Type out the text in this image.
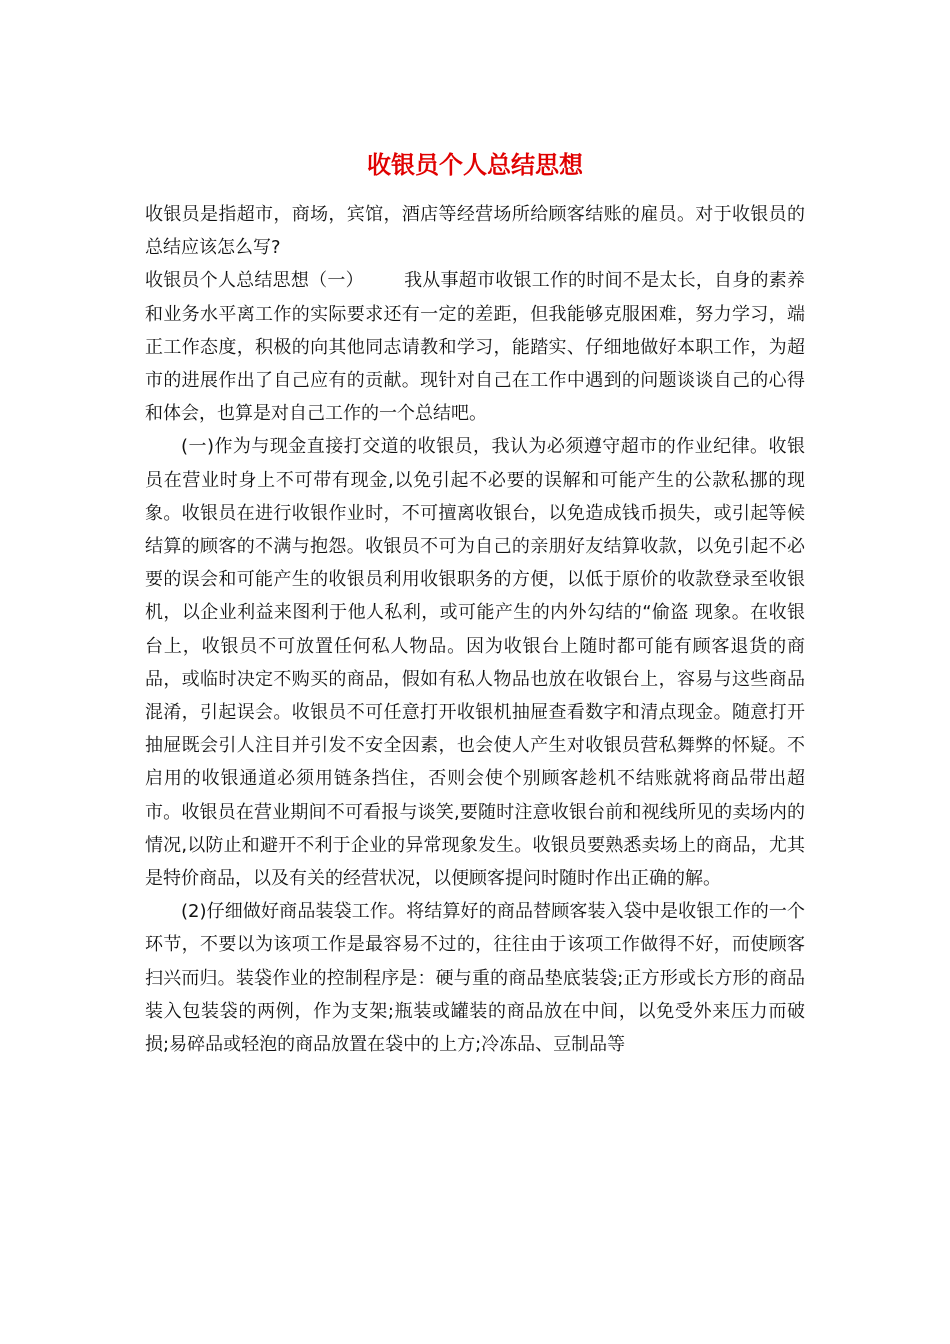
收银员个人总结思想

收银员是指超市，商场，宾馆，酒店等经营场所给顾客结账的雇员。对于收银员的总结应该怎么写?

收银员个人总结思想（一） 我从事超市收银工作的时间不是太长，自身的素养和业务水平离工作的实际要求还有一定的差距，但我能够克服困难，努力学习，端正工作态度，积极的向其他同志请教和学习，能踏实、仔细地做好本职工作，为超市的进展作出了自己应有的贡献。现针对自己在工作中遇到的问题谈谈自己的心得和体会，也算是对自己工作的一个总结吧。

(一)作为与现金直接打交道的收银员，我认为必须遵守超市的作业纪律。收银员在营业时身上不可带有现金,以免引起不必要的误解和可能产生的公款私挪的现象。收银员在进行收银作业时，不可擅离收银台，以免造成钱币损失，或引起等候结算的顾客的不满与抱怨。收银员不可为自己的亲朋好友结算收款，以免引起不必要的误会和可能产生的收银员利用收银职务的方便，以低于原价的收款登录至收银机，以企业利益来图利于他人私利，或可能产生的内外勾结的“偷盗 现象。在收银台上，收银员不可放置任何私人物品。因为收银台上随时都可能有顾客退货的商品，或临时决定不购买的商品，假如有私人物品也放在收银台上，容易与这些商品混淆，引起误会。收银员不可任意打开收银机抽屉查看数字和清点现金。随意打开抽屉既会引人注目并引发不安全因素，也会使人产生对收银员营私舞弊的怀疑。不启用的收银通道必须用链条挡住，否则会使个别顾客趁机不结账就将商品带出超市。收银员在营业期间不可看报与谈笑,要随时注意收银台前和视线所见的卖场内的情况,以防止和避开不利于企业的异常现象发生。收银员要熟悉卖场上的商品，尤其是特价商品，以及有关的经营状况，以便顾客提问时随时作出正确的解。

(2)仔细做好商品装袋工作。将结算好的商品替顾客装入袋中是收银工作的一个环节，不要以为该项工作是最容易不过的，往往由于该项工作做得不好，而使顾客扫兴而归。装袋作业的控制程序是：硬与重的商品垫底装袋;正方形或长方形的商品装入包装袋的两例，作为支架;瓶装或罐装的商品放在中间，以免受外来压力而破损;易碎品或轻泡的商品放置在袋中的上方;冷冻品、豆制品等
